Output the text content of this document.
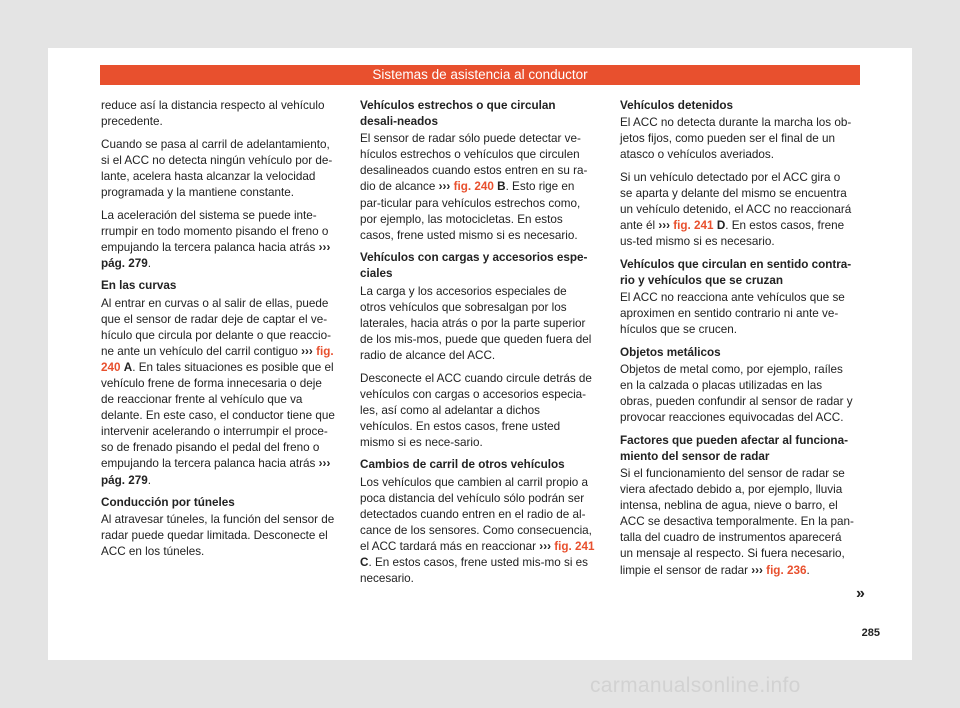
Sistemas de asistencia al conductor

reduce así la distancia respecto al vehículo precedente.

Cuando se pasa al carril de adelantamiento, si el ACC no detecta ningún vehículo por de-lante, acelera hasta alcanzar la velocidad programada y la mantiene constante.

La aceleración del sistema se puede inte-rrumpir en todo momento pisando el freno o empujando la tercera palanca hacia atrás ››› pág. 279.

En las curvas

Al entrar en curvas o al salir de ellas, puede que el sensor de radar deje de captar el ve-hículo que circula por delante o que reaccio-ne ante un vehículo del carril contiguo ››› fig. 240 A. En tales situaciones es posible que el vehículo frene de forma innecesaria o deje de reaccionar frente al vehículo que va delante. En este caso, el conductor tiene que intervenir acelerando o interrumpir el proce-so de frenado pisando el pedal del freno o empujando la tercera palanca hacia atrás ››› pág. 279.

Conducción por túneles

Al atravesar túneles, la función del sensor de radar puede quedar limitada. Desconecte el ACC en los túneles.

Vehículos estrechos o que circulan desali-neados

El sensor de radar sólo puede detectar ve-hículos estrechos o vehículos que circulen desalineados cuando estos entren en su ra-dio de alcance ››› fig. 240 B. Esto rige en par-ticular para vehículos estrechos como, por ejemplo, las motocicletas. En estos casos, frene usted mismo si es necesario.

Vehículos con cargas y accesorios espe-ciales

La carga y los accesorios especiales de otros vehículos que sobresalgan por los laterales, hacia atrás o por la parte superior de los mis-mos, puede que queden fuera del radio de alcance del ACC.

Desconecte el ACC cuando circule detrás de vehículos con cargas o accesorios especia-les, así como al adelantar a dichos vehículos. En estos casos, frene usted mismo si es nece-sario.

Cambios de carril de otros vehículos

Los vehículos que cambien al carril propio a poca distancia del vehículo sólo podrán ser detectados cuando entren en el radio de al-cance de los sensores. Como consecuencia, el ACC tardará más en reaccionar ››› fig. 241 C. En estos casos, frene usted mis-mo si es necesario.

Vehículos detenidos

El ACC no detecta durante la marcha los ob-jetos fijos, como pueden ser el final de un atasco o vehículos averiados.

Si un vehículo detectado por el ACC gira o se aparta y delante del mismo se encuentra un vehículo detenido, el ACC no reaccionará ante él ››› fig. 241 D. En estos casos, frene us-ted mismo si es necesario.

Vehículos que circulan en sentido contra-rio y vehículos que se cruzan

El ACC no reacciona ante vehículos que se aproximen en sentido contrario ni ante ve-hículos que se crucen.

Objetos metálicos

Objetos de metal como, por ejemplo, raíles en la calzada o placas utilizadas en las obras, pueden confundir al sensor de radar y provocar reacciones equivocadas del ACC.

Factores que pueden afectar al funciona-miento del sensor de radar

Si el funcionamiento del sensor de radar se viera afectado debido a, por ejemplo, lluvia intensa, neblina de agua, nieve o barro, el ACC se desactiva temporalmente. En la pan-talla del cuadro de instrumentos aparecerá un mensaje al respecto. Si fuera necesario, limpie el sensor de radar ››› fig. 236.

»
285
carmanualsonline.info
